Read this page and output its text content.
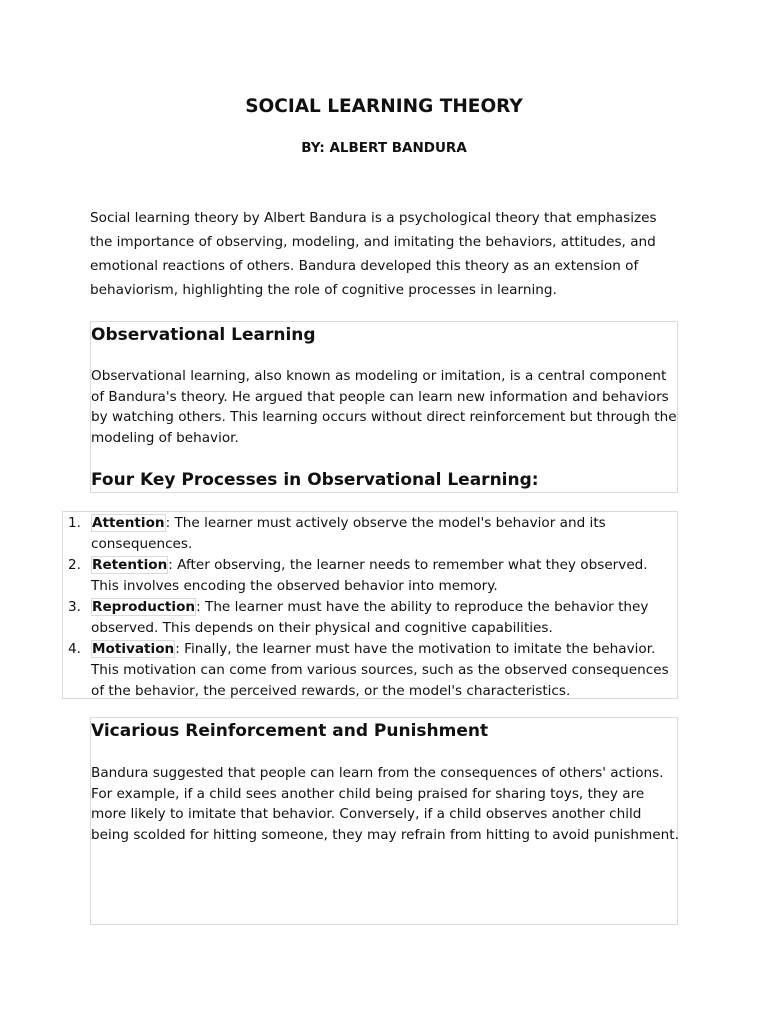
SOCIAL LEARNING THEORY
BY: ALBERT BANDURA

Social learning theory by Albert Bandura is a psychological theory that emphasizes the importance of observing, modeling, and imitating the behaviors, attitudes, and emotional reactions of others. Bandura developed this theory as an extension of behaviorism, highlighting the role of cognitive processes in learning.

Observational Learning

Observational learning, also known as modeling or imitation, is a central component of Bandura's theory. He argued that people can learn new information and behaviors by watching others. This learning occurs without direct reinforcement but through the modeling of behavior.

Four Key Processes in Observational Learning:
1. Attention: The learner must actively observe the model's behavior and its consequences.
2. Retention: After observing, the learner needs to remember what they observed. This involves encoding the observed behavior into memory.
3. Reproduction: The learner must have the ability to reproduce the behavior they observed. This depends on their physical and cognitive capabilities.
4. Motivation: Finally, the learner must have the motivation to imitate the behavior. This motivation can come from various sources, such as the observed consequences of the behavior, the perceived rewards, or the model's characteristics.
Vicarious Reinforcement and Punishment

Bandura suggested that people can learn from the consequences of others' actions. For example, if a child sees another child being praised for sharing toys, they are more likely to imitate that behavior. Conversely, if a child observes another child being scolded for hitting someone, they may refrain from hitting to avoid punishment.
